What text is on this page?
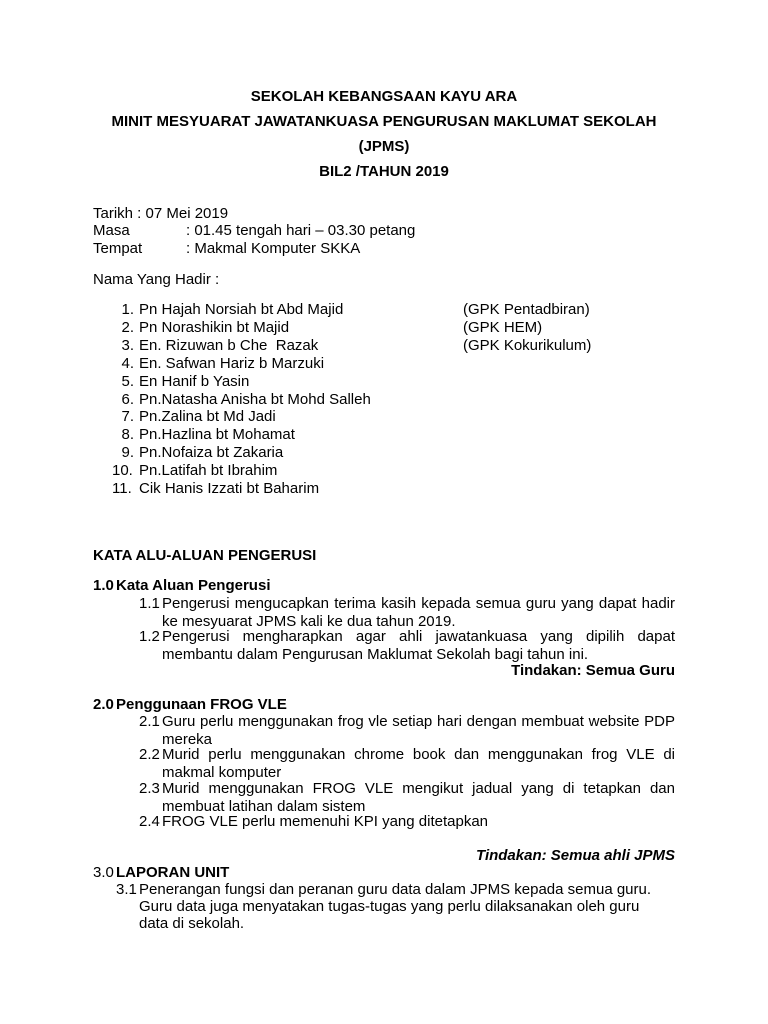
SEKOLAH KEBANGSAAN KAYU ARA
MINIT MESYUARAT JAWATANKUASA PENGURUSAN MAKLUMAT SEKOLAH
(JPMS)
BIL2 /TAHUN 2019
Tarikh : 07 Mei 2019
Masa	: 01.45 tengah hari – 03.30 petang
Tempat	: Makmal Komputer SKKA
Nama Yang Hadir :
1. Pn Hajah Norsiah bt Abd Majid	(GPK Pentadbiran)
2. Pn Norashikin bt Majid	(GPK HEM)
3. En. Rizuwan b Che  Razak	(GPK Kokurikulum)
4. En. Safwan Hariz b Marzuki
5. En Hanif b Yasin
6. Pn.Natasha Anisha bt Mohd Salleh
7. Pn.Zalina bt Md Jadi
8. Pn.Hazlina bt Mohamat
9. Pn.Nofaiza bt Zakaria
10. Pn.Latifah bt Ibrahim
11. Cik Hanis Izzati bt Baharim
KATA ALU-ALUAN PENGERUSI
1.0 Kata Aluan Pengerusi
1.1 Pengerusi mengucapkan terima kasih kepada semua guru yang dapat hadir ke mesyuarat JPMS kali ke dua tahun 2019.
1.2 Pengerusi mengharapkan agar ahli jawatankuasa yang dipilih dapat membantu dalam Pengurusan Maklumat Sekolah bagi tahun ini.
Tindakan: Semua Guru
2.0 Penggunaan FROG VLE
2.1 Guru perlu menggunakan frog vle setiap hari dengan membuat website PDP mereka
2.2 Murid perlu menggunakan chrome book dan menggunakan frog VLE di makmal komputer
2.3 Murid menggunakan FROG VLE mengikut jadual yang di tetapkan dan membuat latihan dalam sistem
2.4 FROG VLE perlu memenuhi KPI yang ditetapkan
Tindakan: Semua ahli JPMS
3.0 LAPORAN UNIT
3.1 Penerangan fungsi dan peranan guru data dalam JPMS kepada semua guru.
Guru data juga menyatakan tugas-tugas yang perlu dilaksanakan oleh guru
data di sekolah.
